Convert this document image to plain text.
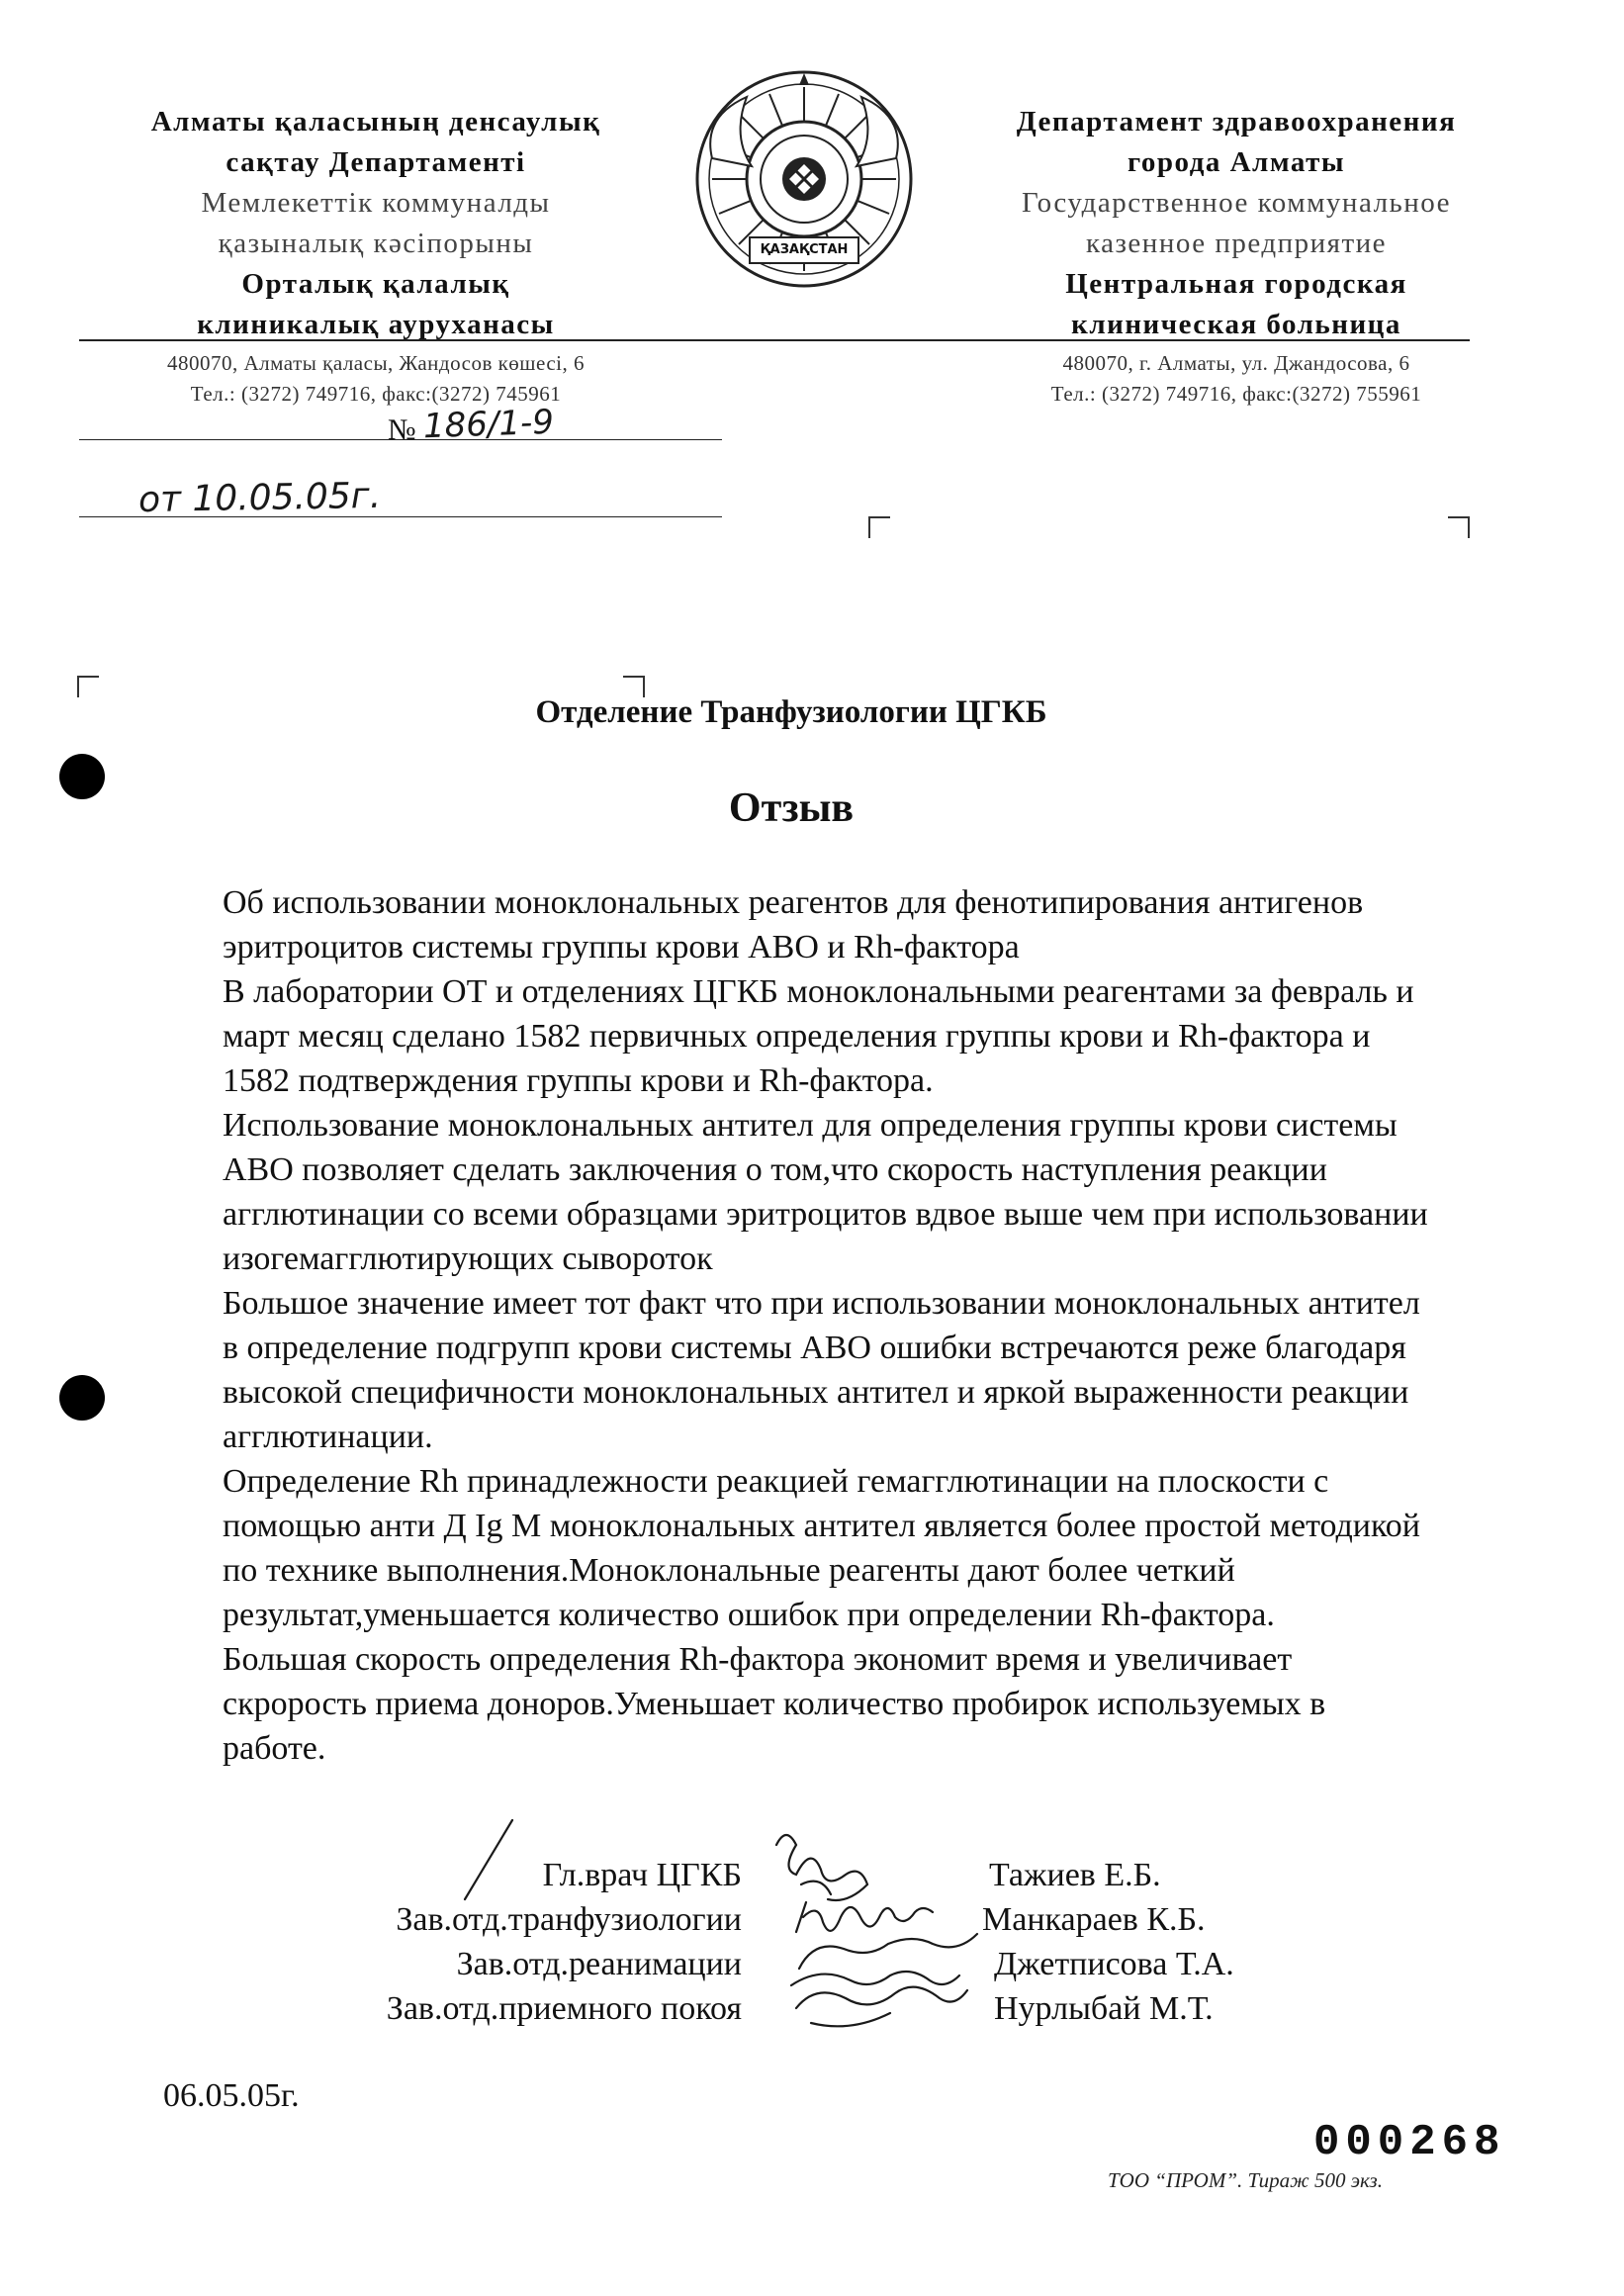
Алматы қаласының денсаулық
сақтау Департаменті
Мемлекеттік коммуналды
қазыналық кәсіпорыны
Орталық қалалық
клиникалық ауруханасы
ҚАЗАҚСТАН
Департамент здравоохранения
города Алматы
Государственное коммунальное
казенное предприятие
Центральная городская
клиническая больница
480070, Алматы қаласы, Жандосов көшесі, 6
Тел.: (3272) 749716, факс:(3272) 745961
480070, г. Алматы, ул. Джандосова, 6
Тел.: (3272) 749716, факс:(3272) 755961
№ 186/1-9
от 10.05.05г.
Отделение Транфузиологии ЦГКБ
Отзыв
Об использовании моноклональных реагентов для фенотипирования антигенов эритроцитов системы группы крови АВО и Rh-фактора
В лаборатории ОТ и отделениях ЦГКБ моноклональными реагентами за февраль и март месяц сделано 1582 первичных определения группы крови и Rh-фактора и 1582 подтверждения группы крови и Rh-фактора.
Использование моноклональных антител для определения группы крови системы АВО позволяет сделать заключения о том,что скорость наступления реакции агглютинации со всеми образцами эритроцитов вдвое выше чем при использовании изогемагглютирующих сывороток
Большое значение имеет тот факт что при использовании моноклональных антител в определение подгрупп крови системы АВО ошибки встречаются реже благодаря высокой специфичности моноклональных антител и яркой выраженности реакции агглютинации.
Определение Rh принадлежности реакцией гемагглютинации на плоскости с помощью анти Д Ig M моноклональных антител является более простой методикой по технике выполнения.Моноклональные реагенты дают более четкий результат,уменьшается количество ошибок при определении Rh-фактора.
Большая скорость определения Rh-фактора экономит время и увеличивает скрорость приема доноров.Уменьшает количество пробирок используемых в работе.
Гл.врач ЦГКБ	Тажиев Е.Б.
Зав.отд.транфузиологии	Манкараев К.Б.
Зав.отд.реанимации	Джетписова Т.А.
Зав.отд.приемного покоя	Нурлыбай М.Т.
06.05.05г.
000268
ТОО “ПРОМ”. Тираж 500 экз.
